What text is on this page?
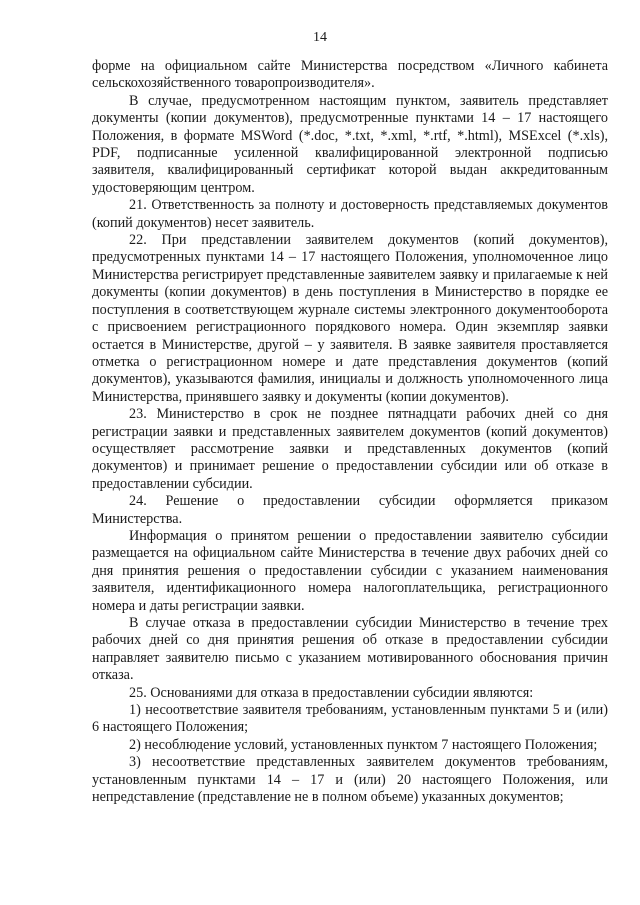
14

форме на официальном сайте Министерства посредством «Личного кабинета сельскохозяйственного товаропроизводителя».

В случае, предусмотренном настоящим пунктом, заявитель представляет документы (копии документов), предусмотренные пунктами 14 – 17 настоящего Положения, в формате MSWord (*.doc, *.txt, *.xml, *.rtf, *.html), MSExcel (*.xls), PDF, подписанные усиленной квалифицированной электронной подписью заявителя, квалифицированный сертификат которой выдан аккредитованным удостоверяющим центром.

21. Ответственность за полноту и достоверность представляемых документов (копий документов) несет заявитель.

22. При представлении заявителем документов (копий документов), предусмотренных пунктами 14 – 17 настоящего Положения, уполномоченное лицо Министерства регистрирует представленные заявителем заявку и прилагаемые к ней документы (копии документов) в день поступления в Министерство в порядке ее поступления в соответствующем журнале системы электронного документооборота с присвоением регистрационного порядкового номера. Один экземпляр заявки остается в Министерстве, другой – у заявителя. В заявке заявителя проставляется отметка о регистрационном номере и дате представления документов (копий документов), указываются фамилия, инициалы и должность уполномоченного лица Министерства, принявшего заявку и документы (копии документов).

23. Министерство в срок не позднее пятнадцати рабочих дней со дня регистрации заявки и представленных заявителем документов (копий документов) осуществляет рассмотрение заявки и представленных документов (копий документов) и принимает решение о предоставлении субсидии или об отказе в предоставлении субсидии.

24. Решение о предоставлении субсидии оформляется приказом Министерства.

Информация о принятом решении о предоставлении заявителю субсидии размещается на официальном сайте Министерства в течение двух рабочих дней со дня принятия решения о предоставлении субсидии с указанием наименования заявителя, идентификационного номера налогоплательщика, регистрационного номера и даты регистрации заявки.

В случае отказа в предоставлении субсидии Министерство в течение трех рабочих дней со дня принятия решения об отказе в предоставлении субсидии направляет заявителю письмо с указанием мотивированного обоснования причин отказа.

25. Основаниями для отказа в предоставлении субсидии являются:

1) несоответствие заявителя требованиям, установленным пунктами 5 и (или) 6 настоящего Положения;

2) несоблюдение условий, установленных пунктом 7 настоящего Положения;

3) несоответствие представленных заявителем документов требованиям, установленным пунктами 14 – 17 и (или) 20 настоящего Положения, или непредставление (представление не в полном объеме) указанных документов;
